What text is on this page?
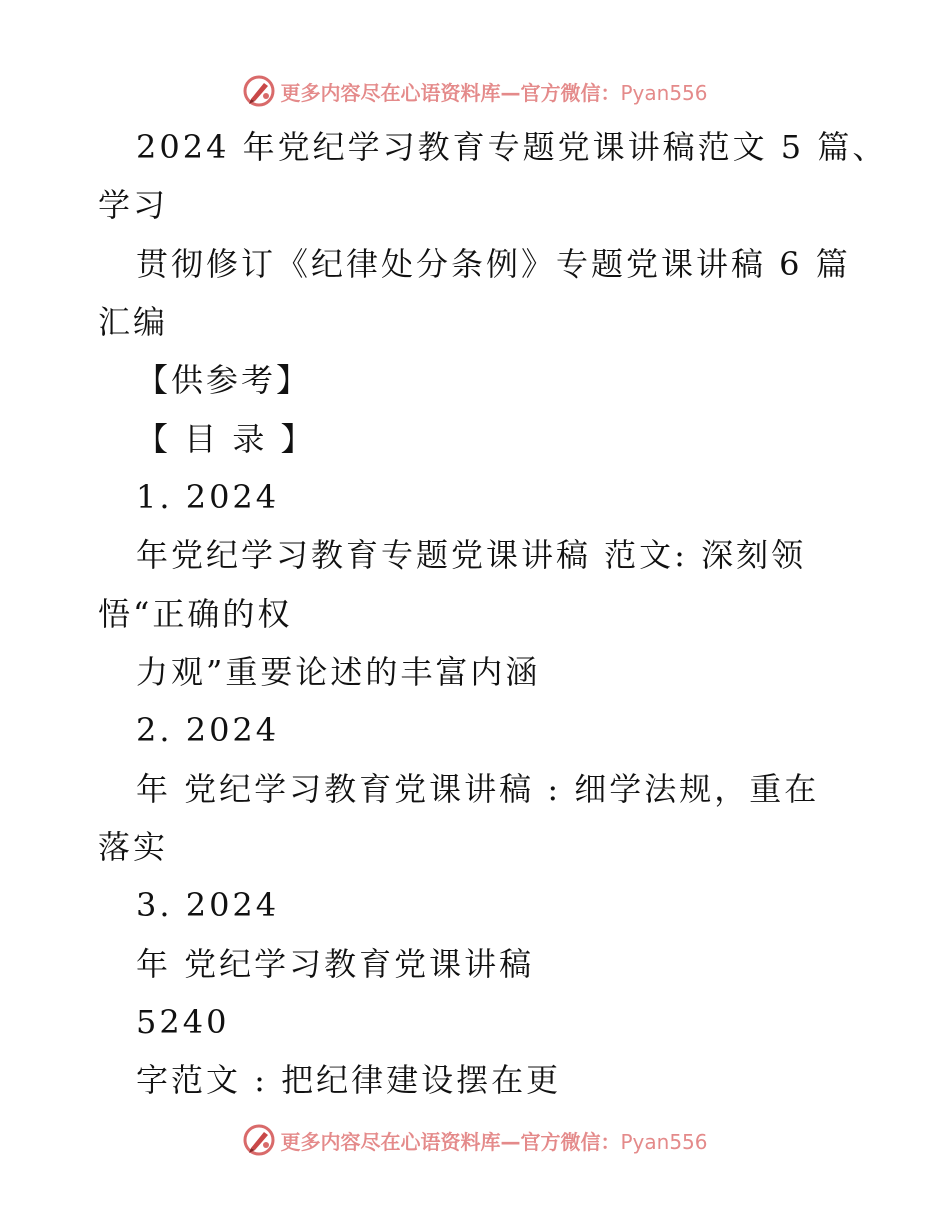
更多内容尽在心语资料库—官方微信：Pyan556
2024 年党纪学习教育专题党课讲稿范文 5 篇、
学习
贯彻修订《纪律处分条例》专题党课讲稿 6 篇
汇编
【供参考】
【 目 录 】
1. 2024
年党纪学习教育专题党课讲稿 范文: 深刻领
悟“正确的权
力观”重要论述的丰富内涵
2. 2024
年 党纪学习教育党课讲稿 : 细学法规，重在
落实
3. 2024
年 党纪学习教育党课讲稿
5240
字范文 : 把纪律建设摆在更
更多内容尽在心语资料库—官方微信：Pyan556
